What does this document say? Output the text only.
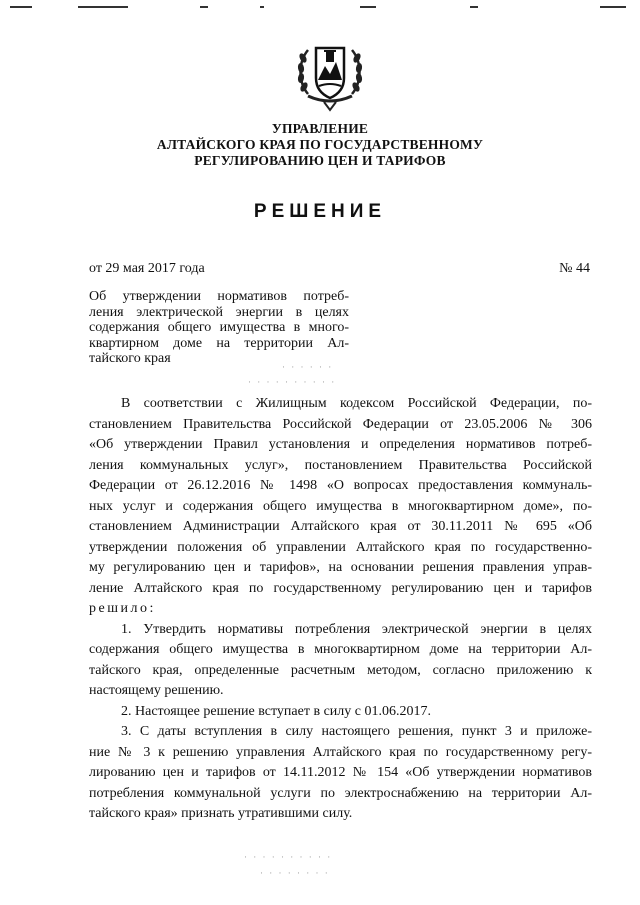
УПРАВЛЕНИЕ
АЛТАЙСКОГО КРАЯ ПО ГОСУДАРСТВЕННОМУ
РЕГУЛИРОВАНИЮ ЦЕН И ТАРИФОВ
РЕШЕНИЕ
от 29 мая 2017 года	№ 44
Об утверждении нормативов потреб-
ления электрической энергии в целях
содержания общего имущества в много-
квартирном доме на территории Ал-
тайского края
· · · · · ·
· · · · · · · · · ·
В соответствии с Жилищным кодексом Российской Федерации, по-
становлением Правительства Российской Федерации от 23.05.2006 № 306
«Об утверждении Правил установления и определения нормативов потреб-
ления коммунальных услуг», постановлением Правительства Российской
Федерации от 26.12.2016 № 1498 «О вопросах предоставления коммуналь-
ных услуг и содержания общего имущества в многоквартирном доме», по-
становлением Администрации Алтайского края от 30.11.2011 № 695 «Об
утверждении положения об управлении Алтайского края по государственно-
му регулированию цен и тарифов», на основании решения правления управ-
ление Алтайского края по государственному регулированию цен и тарифов
решило:
1. Утвердить нормативы потребления электрической энергии в целях
содержания общего имущества в многоквартирном доме на территории Ал-
тайского края, определенные расчетным методом, согласно приложению к
настоящему решению.
2. Настоящее решение вступает в силу с 01.06.2017.
3. С даты вступления в силу настоящего решения, пункт 3 и приложе-
ние № 3 к решению управления Алтайского края по государственному регу-
лированию цен и тарифов от 14.11.2012 № 154 «Об утверждении нормативов
потребления коммунальной услуги по электроснабжению на территории Ал-
тайского края» признать утратившими силу.
· · · · · · · · · ·
· · · · · · · ·
